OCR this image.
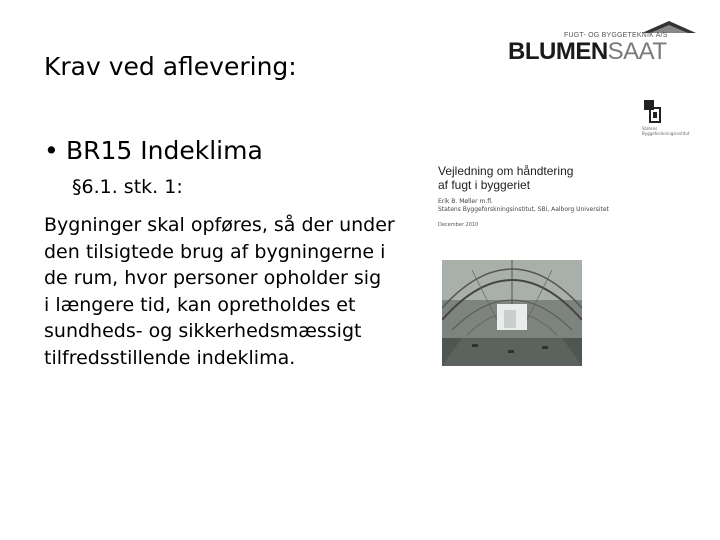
Krav ved aflevering:
• BR15 Indeklima
§6.1. stk. 1:
Bygninger skal opføres, så der under
den tilsigtede brug af bygningerne i
de rum, hvor personer opholder sig
i længere tid, kan opretholdes et
sundheds- og sikkerhedsmæssigt
tilfredsstillende indeklima.
FUGT- OG BYGGETEKNIK A/S
BLUMENSAAT
Statens Byggeforskningsinstitut
Vejledning om håndtering
af fugt i byggeriet
Erik B. Møller m.fl.
Statens Byggeforskningsinstitut, SBi, Aalborg Universitet
December 2010
